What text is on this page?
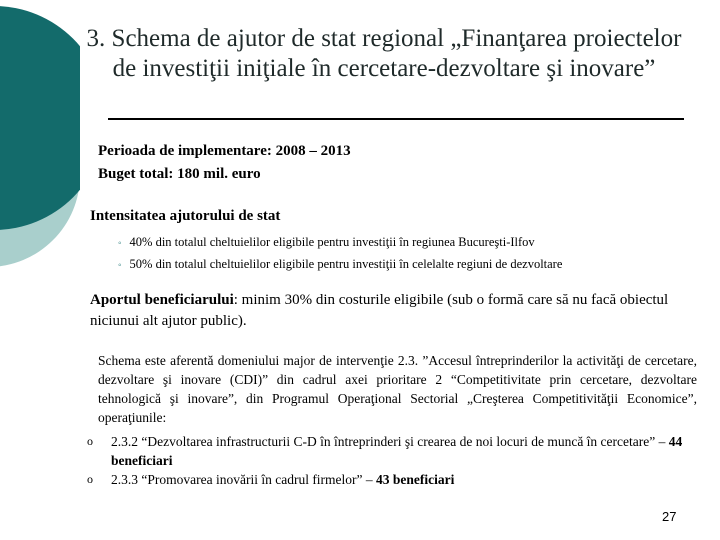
3. Schema de ajutor de stat regional „Finanţarea proiectelor de investiţii iniţiale în cercetare-dezvoltare şi inovare”
Perioada de implementare: 2008 – 2013
Buget total: 180 mil. euro
Intensitatea ajutorului de stat
◦ 40% din totalul cheltuielilor eligibile pentru investiţii în regiunea Bucureşti-Ilfov
◦ 50% din totalul cheltuielilor eligibile pentru investiţii în celelalte regiuni de dezvoltare
Aportul beneficiarului: minim 30% din costurile eligibile (sub o formă care să nu facă obiectul niciunui alt ajutor public).
Schema este aferentă domeniului major de intervenţie 2.3. ”Accesul întreprinderilor la activităţi de cercetare, dezvoltare şi inovare (CDI)” din cadrul axei prioritare 2 “Competitivitate prin cercetare, dezvoltare tehnologică şi inovare”, din Programul Operaţional Sectorial „Creşterea Competitivităţii Economice”, operaţiunile:
o 2.3.2 “Dezvoltarea infrastructurii C-D în întreprinderi şi crearea de noi locuri de muncă în cercetare” – 44 beneficiari
o 2.3.3 “Promovarea inovării în cadrul firmelor” – 43 beneficiari
27
